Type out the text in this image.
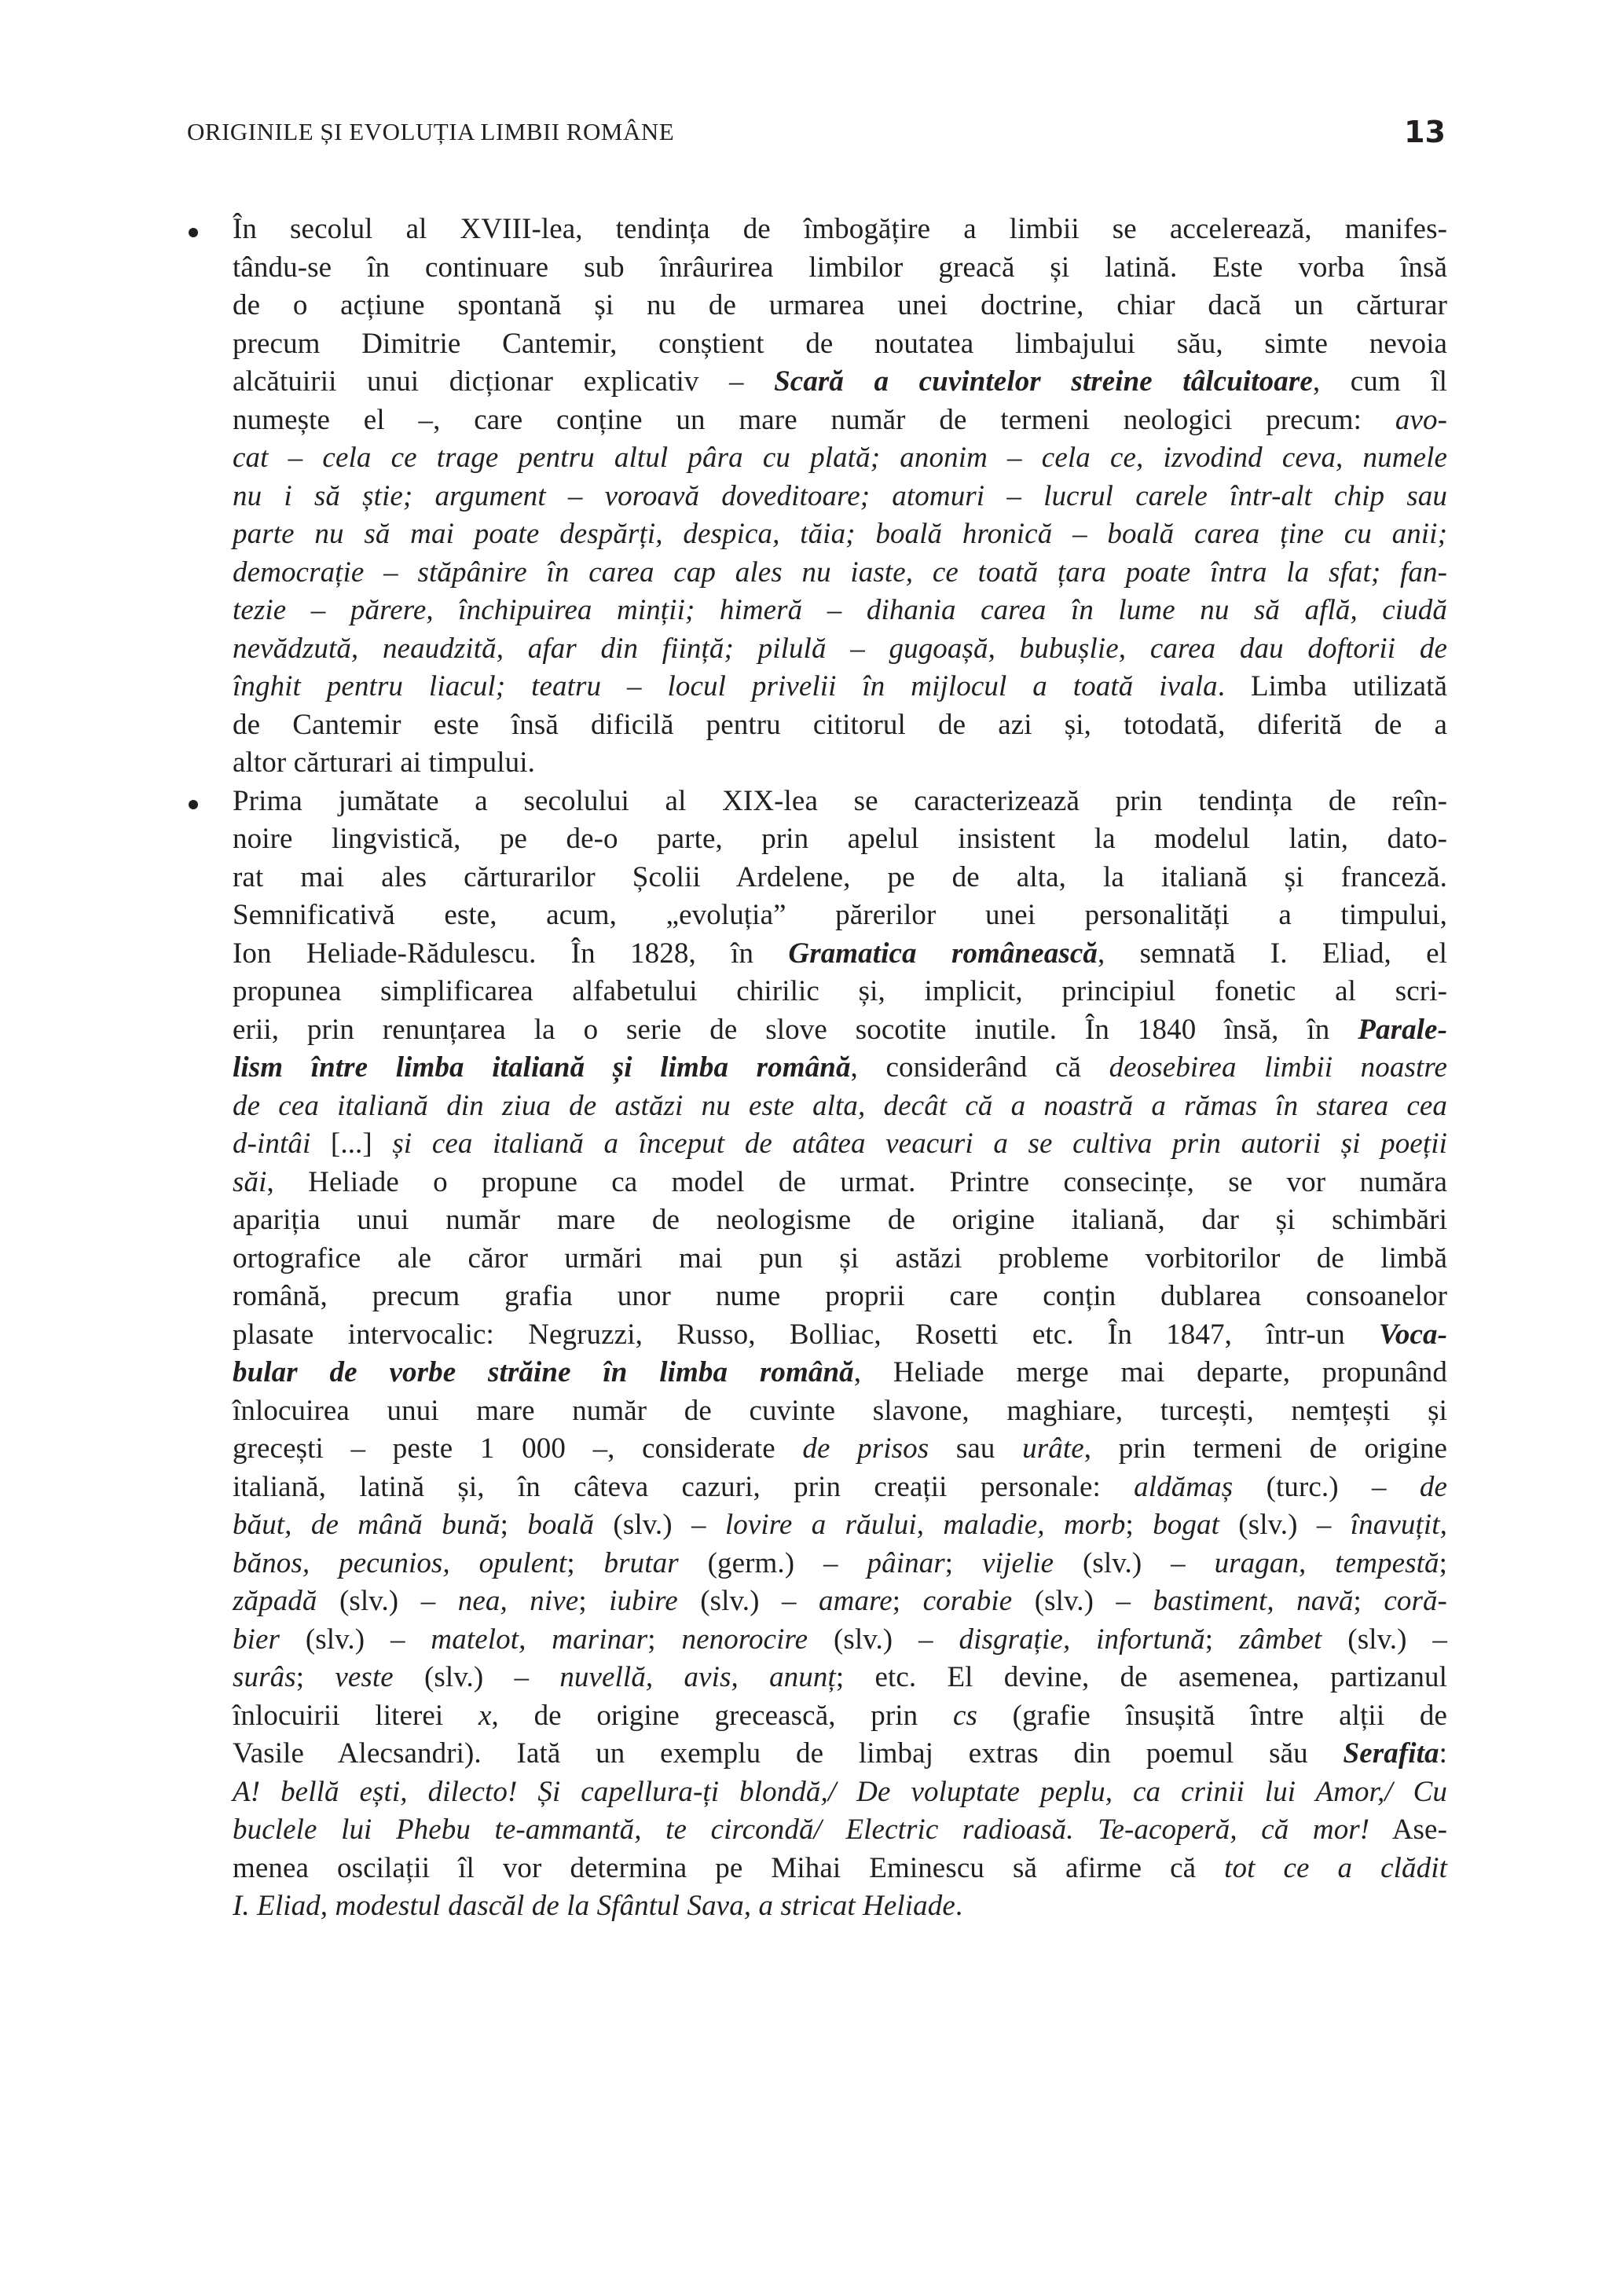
ORIGINILE ȘI EVOLUȚIA LIMBII ROMÂNE	13
În secolul al XVIII-lea, tendința de îmbogățire a limbii se accelerează, manifes-
tându-se în continuare sub înrâurirea limbilor greacă și latină. Este vorba însă
de o acțiune spontană și nu de urmarea unei doctrine, chiar dacă un cărturar
precum Dimitrie Cantemir, conștient de noutatea limbajului său, simte nevoia
alcătuirii unui dicționar explicativ – Scară a cuvintelor streine tâlcuitoare, cum îl
numește el –, care conține un mare număr de termeni neologici precum: avo-
cat – cela ce trage pentru altul pâra cu plată; anonim – cela ce, izvodind ceva, numele
nu i să știe; argument – voroavă doveditoare; atomuri – lucrul carele într-alt chip sau
parte nu să mai poate despărți, despica, tăia; boală hronică – boală carea ține cu anii;
democrație – stăpânire în carea cap ales nu iaste, ce toată țara poate întra la sfat; fan-
tezie – părere, închipuirea minții; himeră – dihania carea în lume nu să află, ciudă
nevădzută, neaudzită, afar din ființă; pilulă – gugoașă, bubușlie, carea dau doftorii de
înghit pentru liacul; teatru – locul privelii în mijlocul a toată ivala. Limba utilizată
de Cantemir este însă dificilă pentru cititorul de azi și, totodată, diferită de a
altor cărturari ai timpului.
Prima jumătate a secolului al XIX-lea se caracterizează prin tendința de reîn-
noire lingvistică, pe de-o parte, prin apelul insistent la modelul latin, dato-
rat mai ales cărturarilor Școlii Ardelene, pe de alta, la italiană și franceză.
Semnificativă este, acum, „evoluția” părerilor unei personalități a timpului,
Ion Heliade-Rădulescu. În 1828, în Gramatica românească, semnată I. Eliad, el
propunea simplificarea alfabetului chirilic și, implicit, principiul fonetic al scri-
erii, prin renunțarea la o serie de slove socotite inutile. În 1840 însă, în Parale-
lism între limba italiană și limba română, considerând că deosebirea limbii noastre
de cea italiană din ziua de astăzi nu este alta, decât că a noastră a rămas în starea cea
d-intâi [...] și cea italiană a început de atâtea veacuri a se cultiva prin autorii și poeții
săi, Heliade o propune ca model de urmat. Printre consecințe, se vor număra
apariția unui număr mare de neologisme de origine italiană, dar și schimbări
ortografice ale căror urmări mai pun și astăzi probleme vorbitorilor de limbă
română, precum grafia unor nume proprii care conțin dublarea consoanelor
plasate intervocalic: Negruzzi, Russo, Bolliac, Rosetti etc. În 1847, într-un Voca-
bular de vorbe străine în limba română, Heliade merge mai departe, propunând
înlocuirea unui mare număr de cuvinte slavone, maghiare, turcești, nemțești și
grecești – peste 1 000 –, considerate de prisos sau urâte, prin termeni de origine
italiană, latină și, în câteva cazuri, prin creații personale: aldămaș (turc.) – de
băut, de mână bună; boală (slv.) – lovire a răului, maladie, morb; bogat (slv.) – înavuțit,
bănos, pecunios, opulent; brutar (germ.) – pâinar; vijelie (slv.) – uragan, tempestă;
zăpadă (slv.) – nea, nive; iubire (slv.) – amare; corabie (slv.) – bastiment, navă; coră-
bier (slv.) – matelot, marinar; nenorocire (slv.) – disgrație, infortună; zâmbet (slv.) –
surâs; veste (slv.) – nuvellă, avis, anunț; etc. El devine, de asemenea, partizanul
înlocuirii literei x, de origine grecească, prin cs (grafie însușită între alții de
Vasile Alecsandri). Iată un exemplu de limbaj extras din poemul său Serafita:
A! bellă ești, dilecto! Și capellura-ți blondă,/ De voluptate peplu, ca crinii lui Amor,/ Cu
buclele lui Phebu te-ammantă, te circondă/ Electric radioasă. Te-acoperă, că mor! Ase-
menea oscilații îl vor determina pe Mihai Eminescu să afirme că tot ce a clădit
I. Eliad, modestul dascăl de la Sfântul Sava, a stricat Heliade.
